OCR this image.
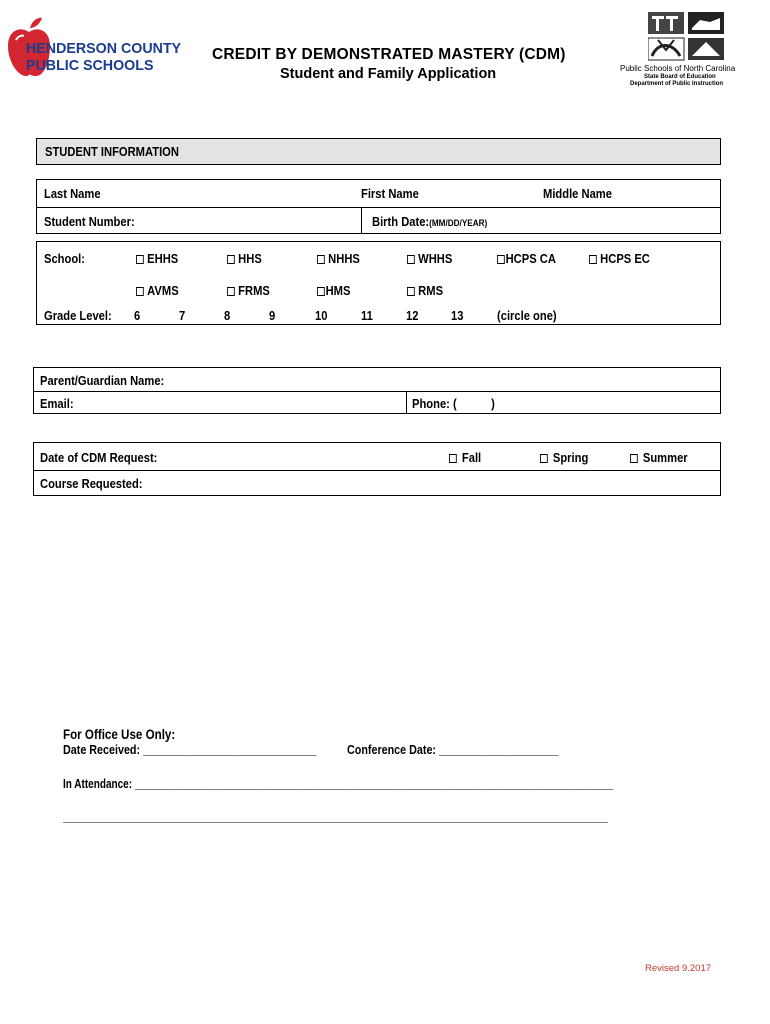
HENDERSON COUNTY
PUBLIC SCHOOLS
CREDIT BY DEMONSTRATED MASTERY (CDM)
Student and Family Application	Public Schools of North Carolina
State Board of Education
Department of Public Instruction
STUDENT INFORMATION
Last Name	First Name	Middle Name
Student Number:	Birth Date:(MM/DD/YEAR)
School:	EHHS	HHS	NHHS	WHHS	HCPS CA	HCPS EC
AVMS	FRMS	HMS	RMS
Grade Level: 6	7	8	9	10	11	12	13	(circle one)
Parent/Guardian Name:
Email:	Phone: (	)
Date of CDM Request:	Fall	Spring	Summer
Course Requested:
For Office Use Only:
Date Received: _____________________________ Conference Date: ____________________
In Attendance: ______________________________________________________________________________________
__________________________________________________________________________________________________
Revised 9.2017
